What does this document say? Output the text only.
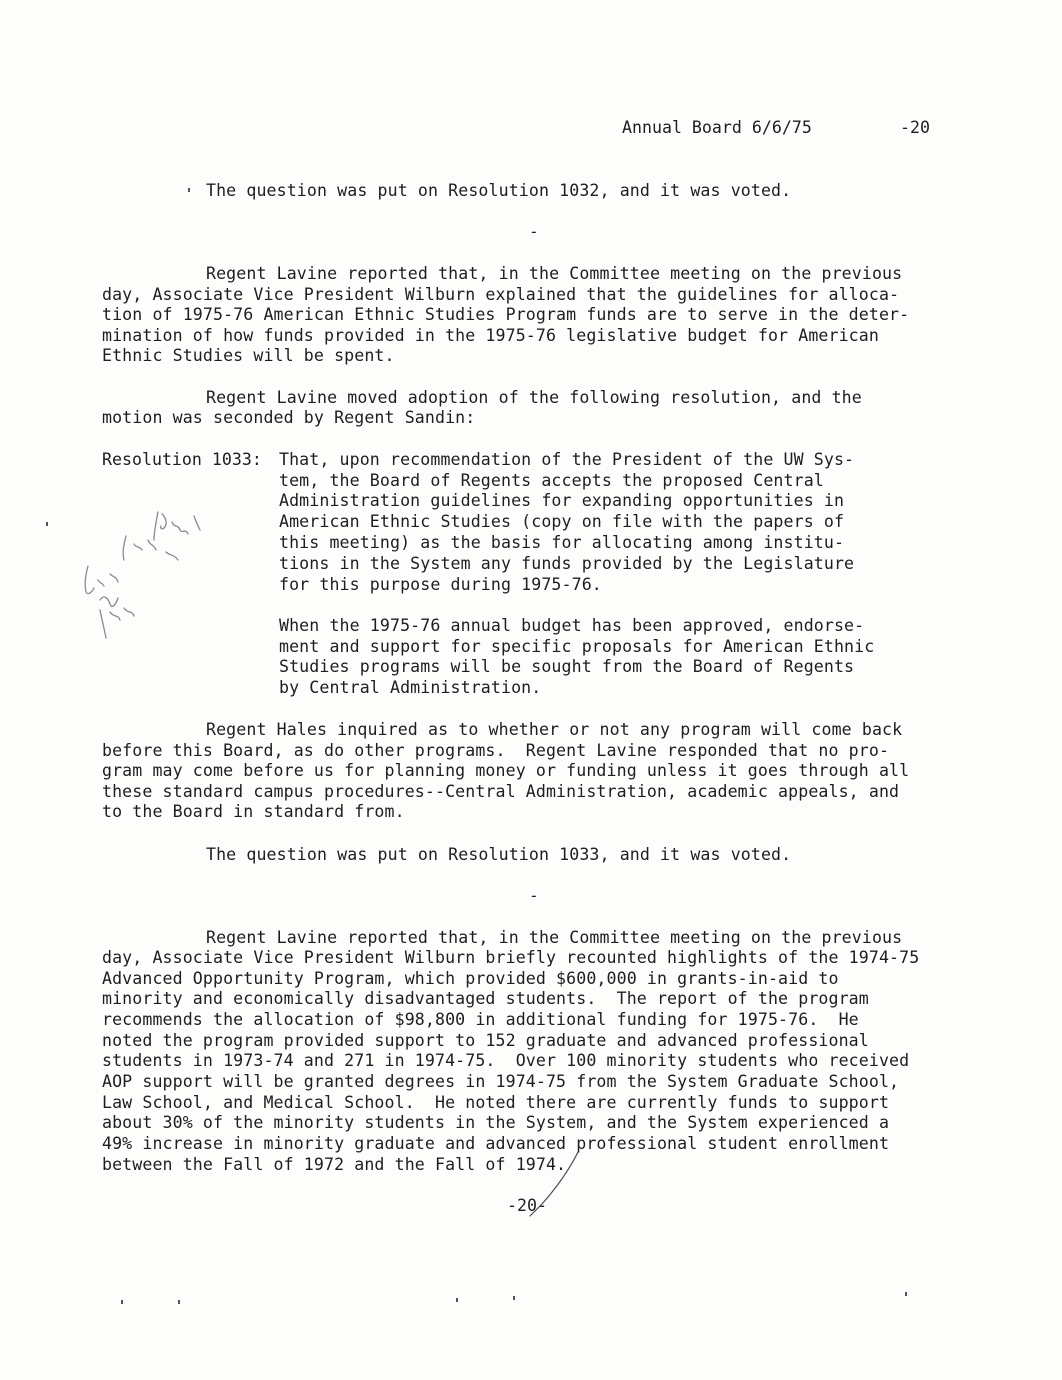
Annual Board 6/6/75	-20
The question was put on Resolution 1032, and it was voted.
-
Regent Lavine reported that, in the Committee meeting on the previous
day, Associate Vice President Wilburn explained that the guidelines for alloca-
tion of 1975-76 American Ethnic Studies Program funds are to serve in the deter-
mination of how funds provided in the 1975-76 legislative budget for American
Ethnic Studies will be spent.
Regent Lavine moved adoption of the following resolution, and the
motion was seconded by Regent Sandin:
Resolution 1033: That, upon recommendation of the President of the UW Sys-
tem, the Board of Regents accepts the proposed Central
Administration guidelines for expanding opportunities in
American Ethnic Studies (copy on file with the papers of
this meeting) as the basis for allocating among institu-
tions in the System any funds provided by the Legislature
for this purpose during 1975-76.
When the 1975-76 annual budget has been approved, endorse-
ment and support for specific proposals for American Ethnic
Studies programs will be sought from the Board of Regents
by Central Administration.
Regent Hales inquired as to whether or not any program will come back
before this Board, as do other programs.  Regent Lavine responded that no pro-
gram may come before us for planning money or funding unless it goes through all
these standard campus procedures--Central Administration, academic appeals, and
to the Board in standard from.
The question was put on Resolution 1033, and it was voted.
-
Regent Lavine reported that, in the Committee meeting on the previous
day, Associate Vice President Wilburn briefly recounted highlights of the 1974-75
Advanced Opportunity Program, which provided $600,000 in grants-in-aid to
minority and economically disadvantaged students.  The report of the program
recommends the allocation of $98,800 in additional funding for 1975-76.  He
noted the program provided support to 152 graduate and advanced professional
students in 1973-74 and 271 in 1974-75.  Over 100 minority students who received
AOP support will be granted degrees in 1974-75 from the System Graduate School,
Law School, and Medical School.  He noted there are currently funds to support
about 30% of the minority students in the System, and the System experienced a
49% increase in minority graduate and advanced professional student enrollment
between the Fall of 1972 and the Fall of 1974.
-20-
